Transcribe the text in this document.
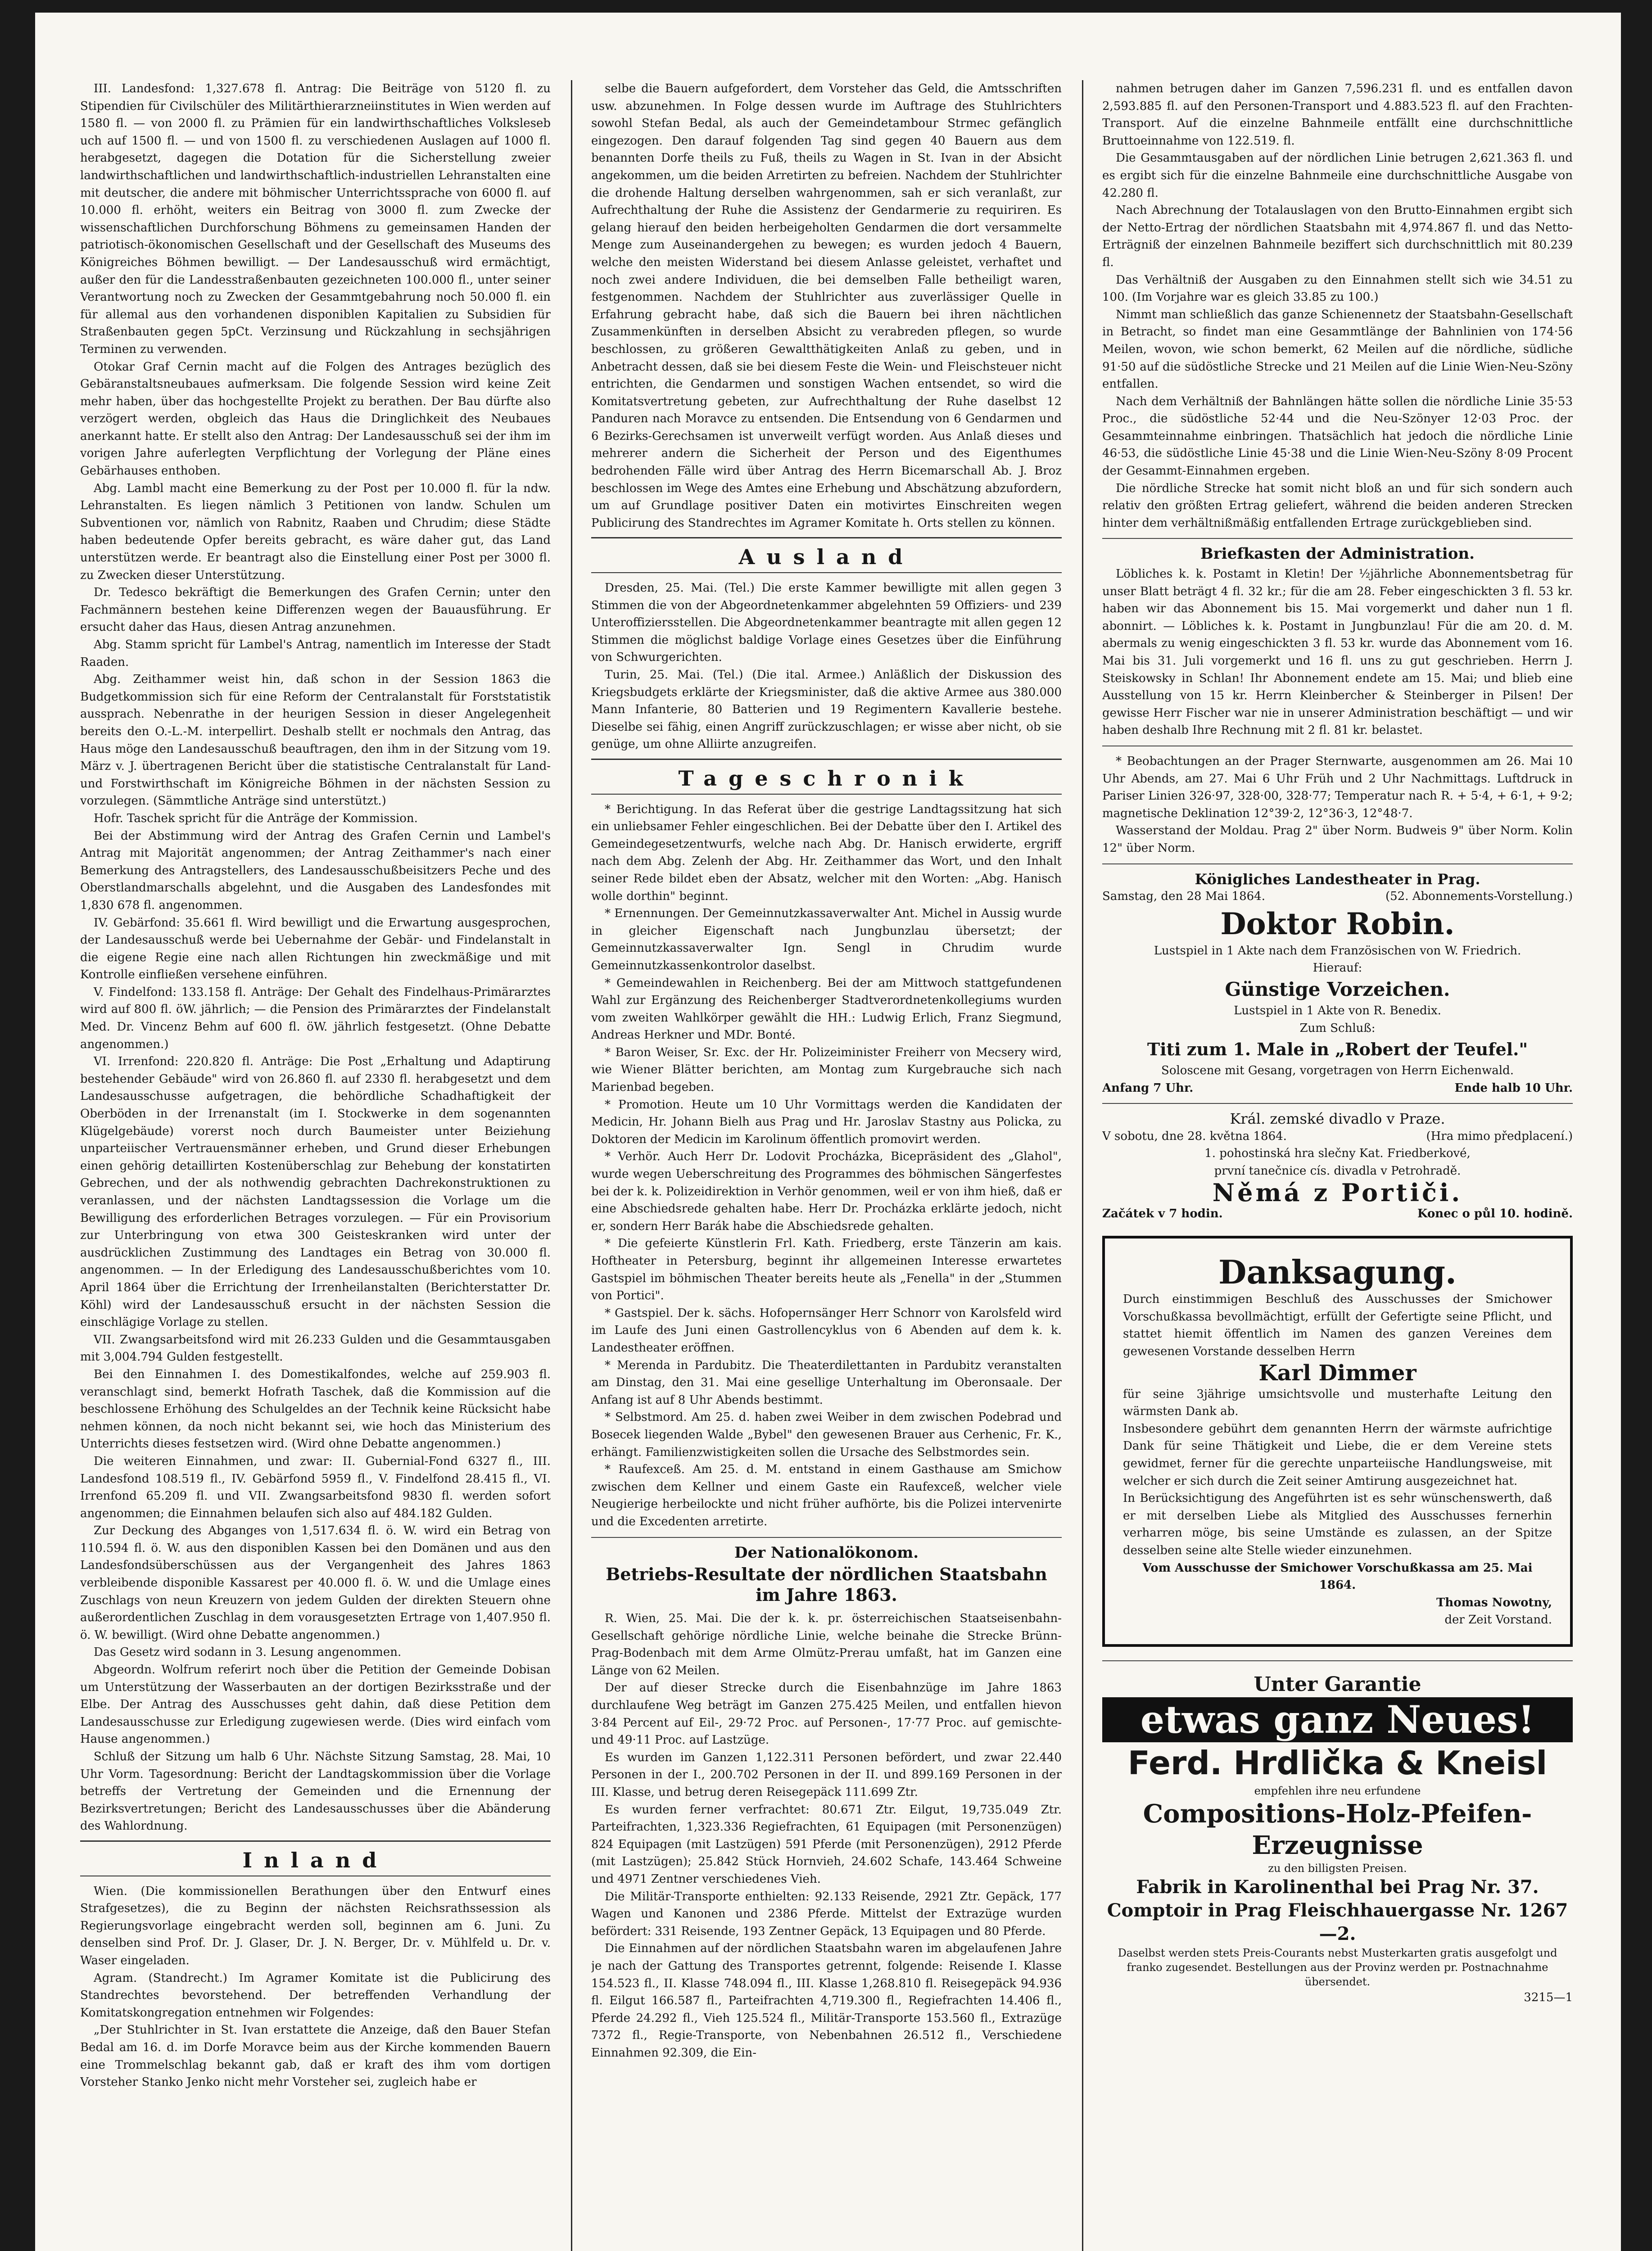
III. Landesfond: 1,327.678 fl. Antrag: Die Beiträge von 5120 fl. zu Stipendien für Civilschüler des Militärthierarzneiinstitutes in Wien werden auf 1580 fl. — von 2000 fl. zu Prämien für ein landwirthschaftliches Volksleseb uch auf 1500 fl. — und von 1500 fl. zu verschiedenen Auslagen auf 1000 fl. herabgesetzt, dagegen die Dotation für die Sicherstellung zweier landwirthschaftlichen und landwirthschaftlich-industriellen Lehranstalten eine mit deutscher, die andere mit böhmischer Unterrichtssprache von 6000 fl. auf 10.000 fl. erhöht, weiters ein Beitrag von 3000 fl. zum Zwecke der wissenschaftlichen Durchforschung Böhmens zu gemeinsamen Handen der patriotisch-ökonomischen Gesellschaft und der Gesellschaft des Museums des Königreiches Böhmen bewilligt. — Der Landesausschuß wird ermächtigt, außer den für die Landesstraßenbauten gezeichneten 100.000 fl., unter seiner Verantwortung noch zu Zwecken der Gesammtgebahrung noch 50.000 fl. ein für allemal aus den vorhandenen disponiblen Kapitalien zu Subsidien für Straßenbauten gegen 5pCt. Verzinsung und Rückzahlung in sechsjährigen Terminen zu verwenden.

Otokar Graf Cernin macht auf die Folgen des Antrages bezüglich des Gebäranstaltsneubaues aufmerksam. Die folgende Session wird keine Zeit mehr haben, über das hochgestellte Projekt zu berathen. Der Bau dürfte also verzögert werden, obgleich das Haus die Dringlichkeit des Neubaues anerkannt hatte. Er stellt also den Antrag: Der Landesausschuß sei der ihm im vorigen Jahre auferlegten Verpflichtung der Vorlegung der Pläne eines Gebärhauses enthoben.

Abg. Lambl macht eine Bemerkung zu der Post per 10.000 fl. für la ndw. Lehranstalten. Es liegen nämlich 3 Petitionen von landw. Schulen um Subventionen vor, nämlich von Rabnitz, Raaben und Chrudim; diese Städte haben bedeutende Opfer bereits gebracht, es wäre daher gut, das Land unterstützen werde. Er beantragt also die Einstellung einer Post per 3000 fl. zu Zwecken dieser Unterstützung.

Dr. Tedesco bekräftigt die Bemerkungen des Grafen Cernin; unter den Fachmännern bestehen keine Differenzen wegen der Bauausführung. Er ersucht daher das Haus, diesen Antrag anzunehmen.

Abg. Stamm spricht für Lambel's Antrag, namentlich im Interesse der Stadt Raaden.

Abg. Zeithammer weist hin, daß schon in der Session 1863 die Budgetkommission sich für eine Reform der Centralanstalt für Forststatistik aussprach. Nebenrathe in der heurigen Session in dieser Angelegenheit bereits den O.-L.-M. interpellirt. Deshalb stellt er nochmals den Antrag, das Haus möge den Landesausschuß beauftragen, den ihm in der Sitzung vom 19. März v. J. übertragenen Bericht über die statistische Centralanstalt für Land- und Forstwirthschaft im Königreiche Böhmen in der nächsten Session zu vorzulegen. (Sämmtliche Anträge sind unterstützt.)

Hofr. Taschek spricht für die Anträge der Kommission.

Bei der Abstimmung wird der Antrag des Grafen Cernin und Lambel's Antrag mit Majorität angenommen; der Antrag Zeithammer's nach einer Bemerkung des Antragstellers, des Landesausschußbeisitzers Peche und des Oberstlandmarschalls abgelehnt, und die Ausgaben des Landesfondes mit 1,830 678 fl. angenommen.

IV. Gebärfond: 35.661 fl. Wird bewilligt und die Erwartung ausgesprochen, der Landesausschuß werde bei Uebernahme der Gebär- und Findelanstalt in die eigene Regie eine nach allen Richtungen hin zweckmäßige und mit Kontrolle einfließen versehene einführen.

V. Findelfond: 133.158 fl. Anträge: Der Gehalt des Findelhaus-Primärarztes wird auf 800 fl. öW. jährlich; — die Pension des Primärarztes der Findelanstalt Med. Dr. Vincenz Behm auf 600 fl. öW. jährlich festgesetzt. (Ohne Debatte angenommen.)

VI. Irrenfond: 220.820 fl. Anträge: Die Post „Erhaltung und Adaptirung bestehender Gebäude" wird von 26.860 fl. auf 2330 fl. herabgesetzt und dem Landesausschusse aufgetragen, die behördliche Schadhaftigkeit der Oberböden in der Irrenanstalt (im I. Stockwerke in dem sogenannten Klügelgebäude) vorerst noch durch Baumeister unter Beiziehung unparteiischer Vertrauensmänner erheben, und Grund dieser Erhebungen einen gehörig detaillirten Kostenüberschlag zur Behebung der konstatirten Gebrechen, und der als nothwendig gebrachten Dachrekonstruktionen zu veranlassen, und der nächsten Landtagssession die Vorlage um die Bewilligung des erforderlichen Betrages vorzulegen. — Für ein Provisorium zur Unterbringung von etwa 300 Geisteskranken wird unter der ausdrücklichen Zustimmung des Landtages ein Betrag von 30.000 fl. angenommen. — In der Erledigung des Landesausschußberichtes vom 10. April 1864 über die Errichtung der Irrenheilanstalten (Berichterstatter Dr. Köhl) wird der Landesausschuß ersucht in der nächsten Session die einschlägige Vorlage zu stellen.

VII. Zwangsarbeitsfond wird mit 26.233 Gulden und die Gesammtausgaben mit 3,004.794 Gulden festgestellt.

Bei den Einnahmen I. des Domestikalfondes, welche auf 259.903 fl. veranschlagt sind, bemerkt Hofrath Taschek, daß die Kommission auf die beschlossene Erhöhung des Schulgeldes an der Technik keine Rücksicht habe nehmen können, da noch nicht bekannt sei, wie hoch das Ministerium des Unterrichts dieses festsetzen wird. (Wird ohne Debatte angenommen.)

Die weiteren Einnahmen, und zwar: II. Gubernial-Fond 6327 fl., III. Landesfond 108.519 fl., IV. Gebärfond 5959 fl., V. Findelfond 28.415 fl., VI. Irrenfond 65.209 fl. und VII. Zwangsarbeitsfond 9830 fl. werden sofort angenommen; die Einnahmen belaufen sich also auf 484.182 Gulden.

Zur Deckung des Abganges von 1,517.634 fl. ö. W. wird ein Betrag von 110.594 fl. ö. W. aus den disponiblen Kassen bei den Domänen und aus den Landesfondsüberschüssen aus der Vergangenheit des Jahres 1863 verbleibende disponible Kassarest per 40.000 fl. ö. W. und die Umlage eines Zuschlags von neun Kreuzern von jedem Gulden der direkten Steuern ohne außerordentlichen Zuschlag in dem vorausgesetzten Ertrage von 1,407.950 fl. ö. W. bewilligt. (Wird ohne Debatte angenommen.)

Das Gesetz wird sodann in 3. Lesung angenommen.

Abgeordn. Wolfrum referirt noch über die Petition der Gemeinde Dobisan um Unterstützung der Wasserbauten an der dortigen Bezirksstraße und der Elbe. Der Antrag des Ausschusses geht dahin, daß diese Petition dem Landesausschusse zur Erledigung zugewiesen werde. (Dies wird einfach vom Hause angenommen.)

Schluß der Sitzung um halb 6 Uhr. Nächste Sitzung Samstag, 28. Mai, 10 Uhr Vorm. Tagesordnung: Bericht der Landtagskommission über die Vorlage betreffs der Vertretung der Gemeinden und die Ernennung der Bezirksvertretungen; Bericht des Landesausschusses über die Abänderung des Wahlordnung.

Inland

Wien. (Die kommissionellen Berathungen über den Entwurf eines Strafgesetzes), die zu Beginn der nächsten Reichsrathssession als Regierungsvorlage eingebracht werden soll, beginnen am 6. Juni. Zu denselben sind Prof. Dr. J. Glaser, Dr. J. N. Berger, Dr. v. Mühlfeld u. Dr. v. Waser eingeladen.

Agram. (Standrecht.) Im Agramer Komitate ist die Publicirung des Standrechtes bevorstehend. Der betreffenden Verhandlung der Komitatskongregation entnehmen wir Folgendes:

„Der Stuhlrichter in St. Ivan erstattete die Anzeige, daß den Bauer Stefan Bedal am 16. d. im Dorfe Moravce beim aus der Kirche kommenden Bauern eine Trommelschlag bekannt gab, daß er kraft des ihm vom dortigen Vorsteher Stanko Jenko nicht mehr Vorsteher sei, zugleich habe er

selbe die Bauern aufgefordert, dem Vorsteher das Geld, die Amtsschriften usw. abzunehmen. In Folge dessen wurde im Auftrage des Stuhlrichters sowohl Stefan Bedal, als auch der Gemeindetambour Strmec gefänglich eingezogen. Den darauf folgenden Tag sind gegen 40 Bauern aus dem benannten Dorfe theils zu Fuß, theils zu Wagen in St. Ivan in der Absicht angekommen, um die beiden Arretirten zu befreien. Nachdem der Stuhlrichter die drohende Haltung derselben wahrgenommen, sah er sich veranlaßt, zur Aufrechthaltung der Ruhe die Assistenz der Gendarmerie zu requiriren. Es gelang hierauf den beiden herbeigeholten Gendarmen die dort versammelte Menge zum Auseinandergehen zu bewegen; es wurden jedoch 4 Bauern, welche den meisten Widerstand bei diesem Anlasse geleistet, verhaftet und noch zwei andere Individuen, die bei demselben Falle betheiligt waren, festgenommen. Nachdem der Stuhlrichter aus zuverlässiger Quelle in Erfahrung gebracht habe, daß sich die Bauern bei ihren nächtlichen Zusammenkünften in derselben Absicht zu verabreden pflegen, so wurde beschlossen, zu größeren Gewaltthätigkeiten Anlaß zu geben, und in Anbetracht dessen, daß sie bei diesem Feste die Wein- und Fleischsteuer nicht entrichten, die Gendarmen und sonstigen Wachen entsendet, so wird die Komitatsvertretung gebeten, zur Aufrechthaltung der Ruhe daselbst 12 Panduren nach Moravce zu entsenden. Die Entsendung von 6 Gendarmen und 6 Bezirks-Gerechsamen ist unverweilt verfügt worden. Aus Anlaß dieses und mehrerer andern die Sicherheit der Person und des Eigenthumes bedrohenden Fälle wird über Antrag des Herrn Bicemarschall Ab. J. Broz beschlossen im Wege des Amtes eine Erhebung und Abschätzung abzufordern, um auf Grundlage positiver Daten ein motivirtes Einschreiten wegen Publicirung des Standrechtes im Agramer Komitate h. Orts stellen zu können.

Ausland

Dresden, 25. Mai. (Tel.) Die erste Kammer bewilligte mit allen gegen 3 Stimmen die von der Abgeordnetenkammer abgelehnten 59 Offiziers- und 239 Unteroffiziersstellen. Die Abgeordnetenkammer beantragte mit allen gegen 12 Stimmen die möglichst baldige Vorlage eines Gesetzes über die Einführung von Schwurgerichten.

Turin, 25. Mai. (Tel.) (Die ital. Armee.) Anläßlich der Diskussion des Kriegsbudgets erklärte der Kriegsminister, daß die aktive Armee aus 380.000 Mann Infanterie, 80 Batterien und 19 Regimentern Kavallerie bestehe. Dieselbe sei fähig, einen Angriff zurückzuschlagen; er wisse aber nicht, ob sie genüge, um ohne Alliirte anzugreifen.

Tageschronik

* Berichtigung. In das Referat über die gestrige Landtagssitzung hat sich ein unliebsamer Fehler eingeschlichen. Bei der Debatte über den I. Artikel des Gemeindegesetzentwurfs, welche nach Abg. Dr. Hanisch erwiderte, ergriff nach dem Abg. Zelenh der Abg. Hr. Zeithammer das Wort, und den Inhalt seiner Rede bildet eben der Absatz, welcher mit den Worten: „Abg. Hanisch wolle dorthin" beginnt.

* Ernennungen. Der Gemeinnutzkassaverwalter Ant. Michel in Aussig wurde in gleicher Eigenschaft nach Jungbunzlau übersetzt; der Gemeinnutzkassaverwalter Ign. Sengl in Chrudim wurde Gemeinnutzkassenkontrolor daselbst.

* Gemeindewahlen in Reichenberg. Bei der am Mittwoch stattgefundenen Wahl zur Ergänzung des Reichenberger Stadtverordnetenkollegiums wurden vom zweiten Wahlkörper gewählt die HH.: Ludwig Erlich, Franz Siegmund, Andreas Herkner und MDr. Bonté.

* Baron Weiser, Sr. Exc. der Hr. Polizeiminister Freiherr von Mecsery wird, wie Wiener Blätter berichten, am Montag zum Kurgebrauche sich nach Marienbad begeben.

* Promotion. Heute um 10 Uhr Vormittags werden die Kandidaten der Medicin, Hr. Johann Bielh aus Prag und Hr. Jaroslav Stastny aus Policka, zu Doktoren der Medicin im Karolinum öffentlich promovirt werden.

* Verhör. Auch Herr Dr. Lodovit Procházka, Bicepräsident des „Glahol", wurde wegen Ueberschreitung des Programmes des böhmischen Sängerfestes bei der k. k. Polizeidirektion in Verhör genommen, weil er von ihm hieß, daß er eine Abschiedsrede gehalten habe. Herr Dr. Procházka erklärte jedoch, nicht er, sondern Herr Barák habe die Abschiedsrede gehalten.

* Die gefeierte Künstlerin Frl. Kath. Friedberg, erste Tänzerin am kais. Hoftheater in Petersburg, beginnt ihr allgemeinen Interesse erwartetes Gastspiel im böhmischen Theater bereits heute als „Fenella" in der „Stummen von Portici".

* Gastspiel. Der k. sächs. Hofopernsänger Herr Schnorr von Karolsfeld wird im Laufe des Juni einen Gastrollencyklus von 6 Abenden auf dem k. k. Landestheater eröffnen.

* Merenda in Pardubitz. Die Theaterdilettanten in Pardubitz veranstalten am Dinstag, den 31. Mai eine gesellige Unterhaltung im Oberonsaale. Der Anfang ist auf 8 Uhr Abends bestimmt.

* Selbstmord. Am 25. d. haben zwei Weiber in dem zwischen Podebrad und Bosecek liegenden Walde „Bybel" den gewesenen Brauer aus Cerhenic, Fr. K., erhängt. Familienzwistigkeiten sollen die Ursache des Selbstmordes sein.

* Raufexceß. Am 25. d. M. entstand in einem Gasthause am Smichow zwischen dem Kellner und einem Gaste ein Raufexceß, welcher viele Neugierige herbeilockte und nicht früher aufhörte, bis die Polizei intervenirte und die Excedenten arretirte.

Der Nationalökonom.
Betriebs-Resultate der nördlichen Staatsbahn im Jahre 1863.

R. Wien, 25. Mai. Die der k. k. pr. österreichischen Staatseisenbahn-Gesellschaft gehörige nördliche Linie, welche beinahe die Strecke Brünn-Prag-Bodenbach mit dem Arme Olmütz-Prerau umfaßt, hat im Ganzen eine Länge von 62 Meilen.

Der auf dieser Strecke durch die Eisenbahnzüge im Jahre 1863 durchlaufene Weg beträgt im Ganzen 275.425 Meilen, und entfallen hievon 3·84 Percent auf Eil-, 29·72 Proc. auf Personen-, 17·77 Proc. auf gemischte- und 49·11 Proc. auf Lastzüge.

Es wurden im Ganzen 1,122.311 Personen befördert, und zwar 22.440 Personen in der I., 200.702 Personen in der II. und 899.169 Personen in der III. Klasse, und betrug deren Reisegepäck 111.699 Ztr.

Es wurden ferner verfrachtet: 80.671 Ztr. Eilgut, 19,735.049 Ztr. Parteifrachten, 1,323.336 Regiefrachten, 61 Equipagen (mit Personenzügen) 824 Equipagen (mit Lastzügen) 591 Pferde (mit Personenzügen), 2912 Pferde (mit Lastzügen); 25.842 Stück Hornvieh, 24.602 Schafe, 143.464 Schweine und 4971 Zentner verschiedenes Vieh.

Die Militär-Transporte enthielten: 92.133 Reisende, 2921 Ztr. Gepäck, 177 Wagen und Kanonen und 2386 Pferde. Mittelst der Extrazüge wurden befördert: 331 Reisende, 193 Zentner Gepäck, 13 Equipagen und 80 Pferde.

Die Einnahmen auf der nördlichen Staatsbahn waren im abgelaufenen Jahre je nach der Gattung des Transportes getrennt, folgende: Reisende I. Klasse 154.523 fl., II. Klasse 748.094 fl., III. Klasse 1,268.810 fl. Reisegepäck 94.936 fl. Eilgut 166.587 fl., Parteifrachten 4,719.300 fl., Regiefrachten 14.406 fl., Pferde 24.292 fl., Vieh 125.524 fl., Militär-Transporte 153.560 fl., Extrazüge 7372 fl., Regie-Transporte, von Nebenbahnen 26.512 fl., Verschiedene Einnahmen 92.309, die Ein-

nahmen betrugen daher im Ganzen 7,596.231 fl. und es entfallen davon 2,593.885 fl. auf den Personen-Transport und 4.883.523 fl. auf den Frachten-Transport. Auf die einzelne Bahnmeile entfällt eine durchschnittliche Bruttoeinnahme von 122.519. fl.

Die Gesammtausgaben auf der nördlichen Linie betrugen 2,621.363 fl. und es ergibt sich für die einzelne Bahnmeile eine durchschnittliche Ausgabe von 42.280 fl.

Nach Abrechnung der Totalauslagen von den Brutto-Einnahmen ergibt sich der Netto-Ertrag der nördlichen Staatsbahn mit 4,974.867 fl. und das Netto-Erträgniß der einzelnen Bahnmeile beziffert sich durchschnittlich mit 80.239 fl.

Das Verhältniß der Ausgaben zu den Einnahmen stellt sich wie 34.51 zu 100. (Im Vorjahre war es gleich 33.85 zu 100.)

Nimmt man schließlich das ganze Schienennetz der Staatsbahn-Gesellschaft in Betracht, so findet man eine Gesammtlänge der Bahnlinien von 174·56 Meilen, wovon, wie schon bemerkt, 62 Meilen auf die nördliche, südliche 91·50 auf die südöstliche Strecke und 21 Meilen auf die Linie Wien-Neu-Szöny entfallen.

Nach dem Verhältniß der Bahnlängen hätte sollen die nördliche Linie 35·53 Proc., die südöstliche 52·44 und die Neu-Szönyer 12·03 Proc. der Gesammteinnahme einbringen. Thatsächlich hat jedoch die nördliche Linie 46·53, die südöstliche Linie 45·38 und die Linie Wien-Neu-Szöny 8·09 Procent der Gesammt-Einnahmen ergeben.

Die nördliche Strecke hat somit nicht bloß an und für sich sondern auch relativ den größten Ertrag geliefert, während die beiden anderen Strecken hinter dem verhältnißmäßig entfallenden Ertrage zurückgeblieben sind.

Briefkasten der Administration.

Löbliches k. k. Postamt in Kletin! Der ½jährliche Abonnementsbetrag für unser Blatt beträgt 4 fl. 32 kr.; für die am 28. Feber eingeschickten 3 fl. 53 kr. haben wir das Abonnement bis 15. Mai vorgemerkt und daher nun 1 fl. abonnirt. — Löbliches k. k. Postamt in Jungbunzlau! Für die am 20. d. M. abermals zu wenig eingeschickten 3 fl. 53 kr. wurde das Abonnement vom 16. Mai bis 31. Juli vorgemerkt und 16 fl. uns zu gut geschrieben. Herrn J. Steiskowsky in Schlan! Ihr Abonnement endete am 15. Mai; und blieb eine Ausstellung von 15 kr. Herrn Kleinbercher & Steinberger in Pilsen! Der gewisse Herr Fischer war nie in unserer Administration beschäftigt — und wir haben deshalb Ihre Rechnung mit 2 fl. 81 kr. belastet.

* Beobachtungen an der Prager Sternwarte, ausgenommen am 26. Mai 10 Uhr Abends, am 27. Mai 6 Uhr Früh und 2 Uhr Nachmittags. Luftdruck in Pariser Linien 326·97, 328·00, 328·77; Temperatur nach R. + 5·4, + 6·1, + 9·2; magnetische Deklination 12°39·2, 12°36·3, 12°48·7.

Wasserstand der Moldau. Prag 2" über Norm. Budweis 9" über Norm. Kolin 12" über Norm.

Königliches Landestheater in Prag.
Samstag, den 28 Mai 1864.	(52. Abonnements-Vorstellung.)
Doktor Robin.
Lustspiel in 1 Akte nach dem Französischen von W. Friedrich.
Hierauf:
Günstige Vorzeichen.
Lustspiel in 1 Akte von R. Benedix.
Zum Schluß:
Titi zum 1. Male in „Robert der Teufel."
Soloscene mit Gesang, vorgetragen von Herrn Eichenwald.
Anfang 7 Uhr.	Ende halb 10 Uhr.
Král. zemské divadlo v Praze.
V sobotu, dne 28. května 1864.	(Hra mimo předplacení.)
1. pohostinská hra slečny Kat. Friedberkové,
první tanečnice cís. divadla v Petrohradě.
Němá z Portiči.
Začátek v 7 hodin.	Konec o půl 10. hodině.
Danksagung.

Durch einstimmigen Beschluß des Ausschusses der Smichower Vorschußkassa bevollmächtigt, erfüllt der Gefertigte seine Pflicht, und stattet hiemit öffentlich im Namen des ganzen Vereines dem gewesenen Vorstande desselben Herrn

Karl Dimmer

für seine 3jährige umsichtsvolle und musterhafte Leitung den wärmsten Dank ab.

Insbesondere gebührt dem genannten Herrn der wärmste aufrichtige Dank für seine Thätigkeit und Liebe, die er dem Vereine stets gewidmet, ferner für die gerechte unparteiische Handlungsweise, mit welcher er sich durch die Zeit seiner Amtirung ausgezeichnet hat.

In Berücksichtigung des Angeführten ist es sehr wünschenswerth, daß er mit derselben Liebe als Mitglied des Ausschusses fernerhin verharren möge, bis seine Umstände es zulassen, an der Spitze desselben seine alte Stelle wieder einzunehmen.

Vom Ausschusse der Smichower Vorschußkassa am 25. Mai 1864.

Thomas Nowotny,
der Zeit Vorstand.
Unter Garantie
etwas ganz Neues!
Ferd. Hrdlička & Kneisl
empfehlen ihre neu erfundene
Compositions-Holz-Pfeifen-Erzeugnisse
zu den billigsten Preisen.
Fabrik in Karolinenthal bei Prag Nr. 37.
Comptoir in Prag Fleischhauergasse Nr. 1267—2.
Daselbst werden stets Preis-Courants nebst Musterkarten gratis ausgefolgt und franko zugesendet. Bestellungen aus der Provinz werden pr. Postnachnahme übersendet.
3215—1
